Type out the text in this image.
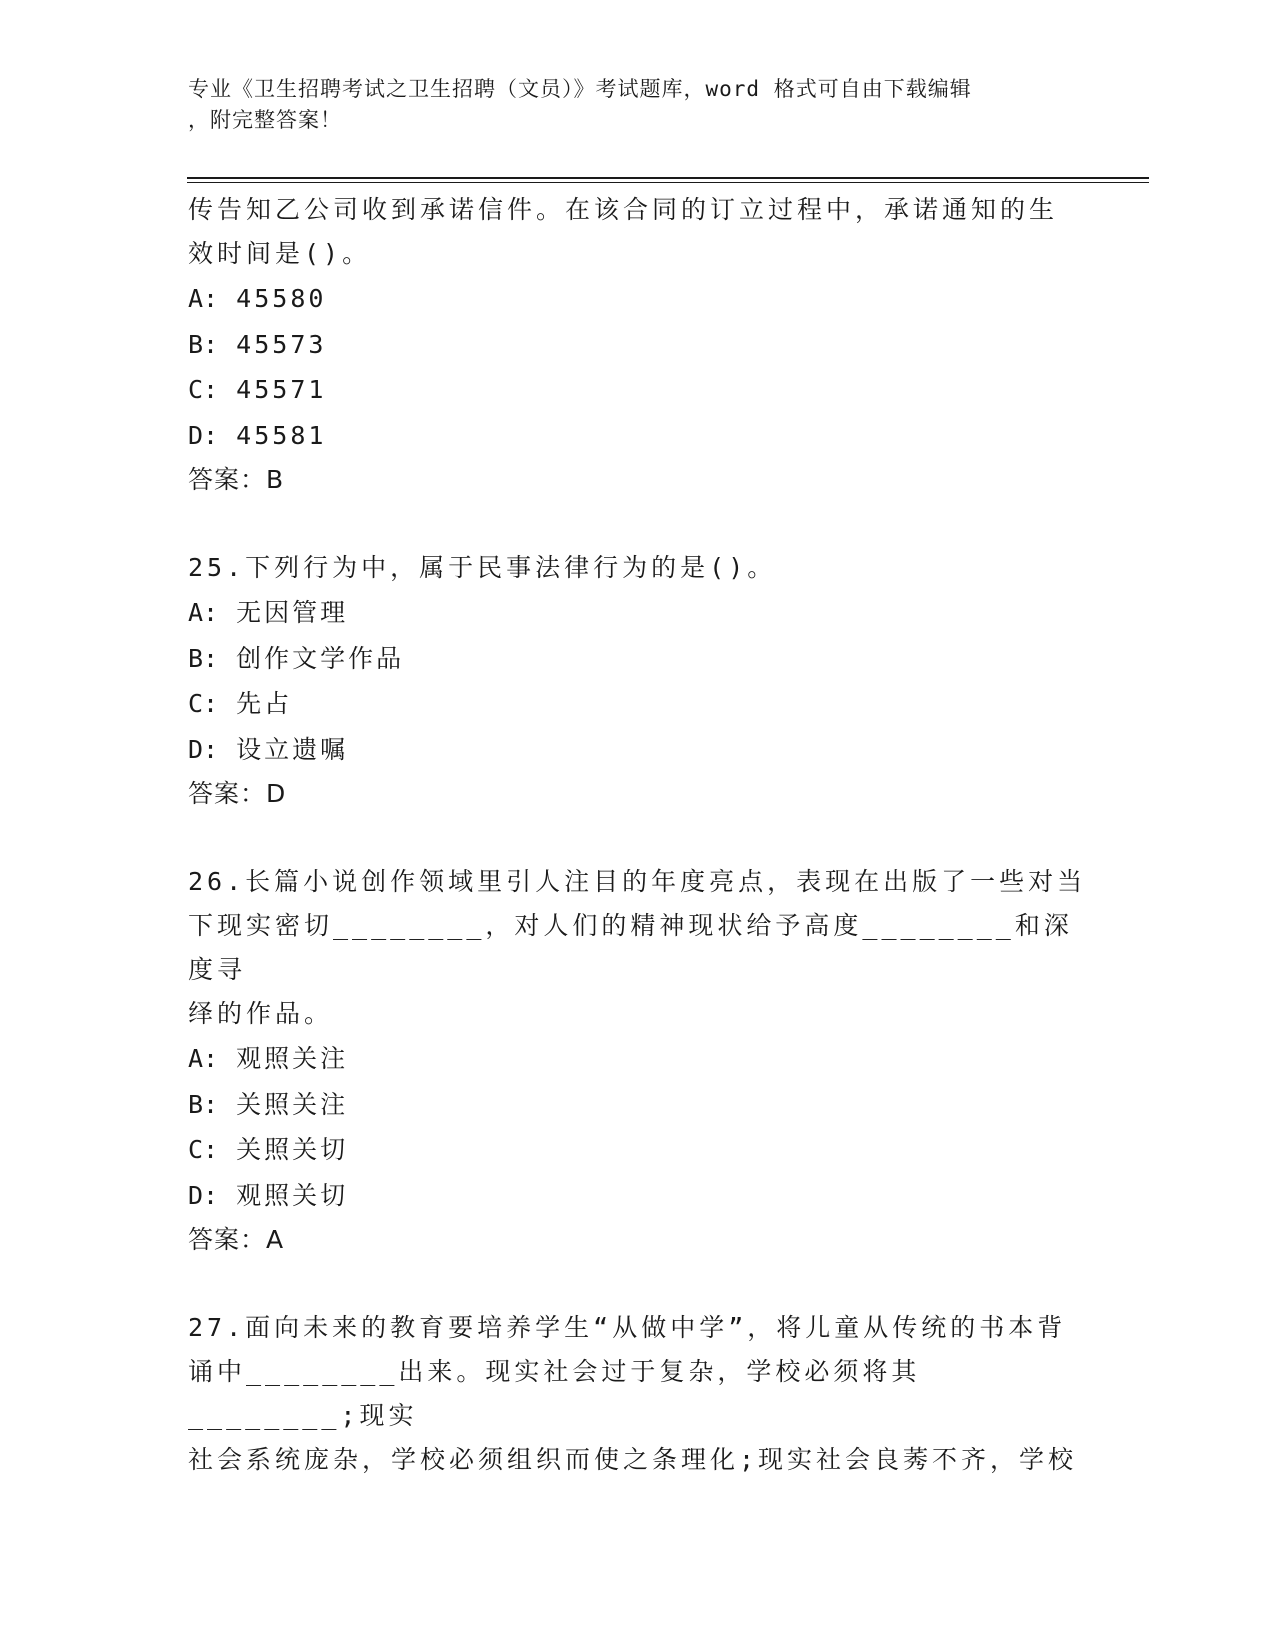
专业《卫生招聘考试之卫生招聘（文员）》考试题库，word 格式可自由下载编辑
，附完整答案！

传告知乙公司收到承诺信件。在该合同的订立过程中，承诺通知的生

效时间是()。

A: 45580

B: 45573

C: 45571

D: 45581

答案：B

25.下列行为中，属于民事法律行为的是()。

A: 无因管理

B: 创作文学作品

C: 先占

D: 设立遗嘱

答案：D

26.长篇小说创作领域里引人注目的年度亮点，表现在出版了一些对当

下现实密切________，对人们的精神现状给予高度________和深度寻

绎的作品。

A: 观照关注

B: 关照关注

C: 关照关切

D: 观照关切

答案：A

27.面向未来的教育要培养学生“从做中学”，将儿童从传统的书本背

诵中________出来。现实社会过于复杂，学校必须将其________;现实

社会系统庞杂，学校必须组织而使之条理化;现实社会良莠不齐，学校
